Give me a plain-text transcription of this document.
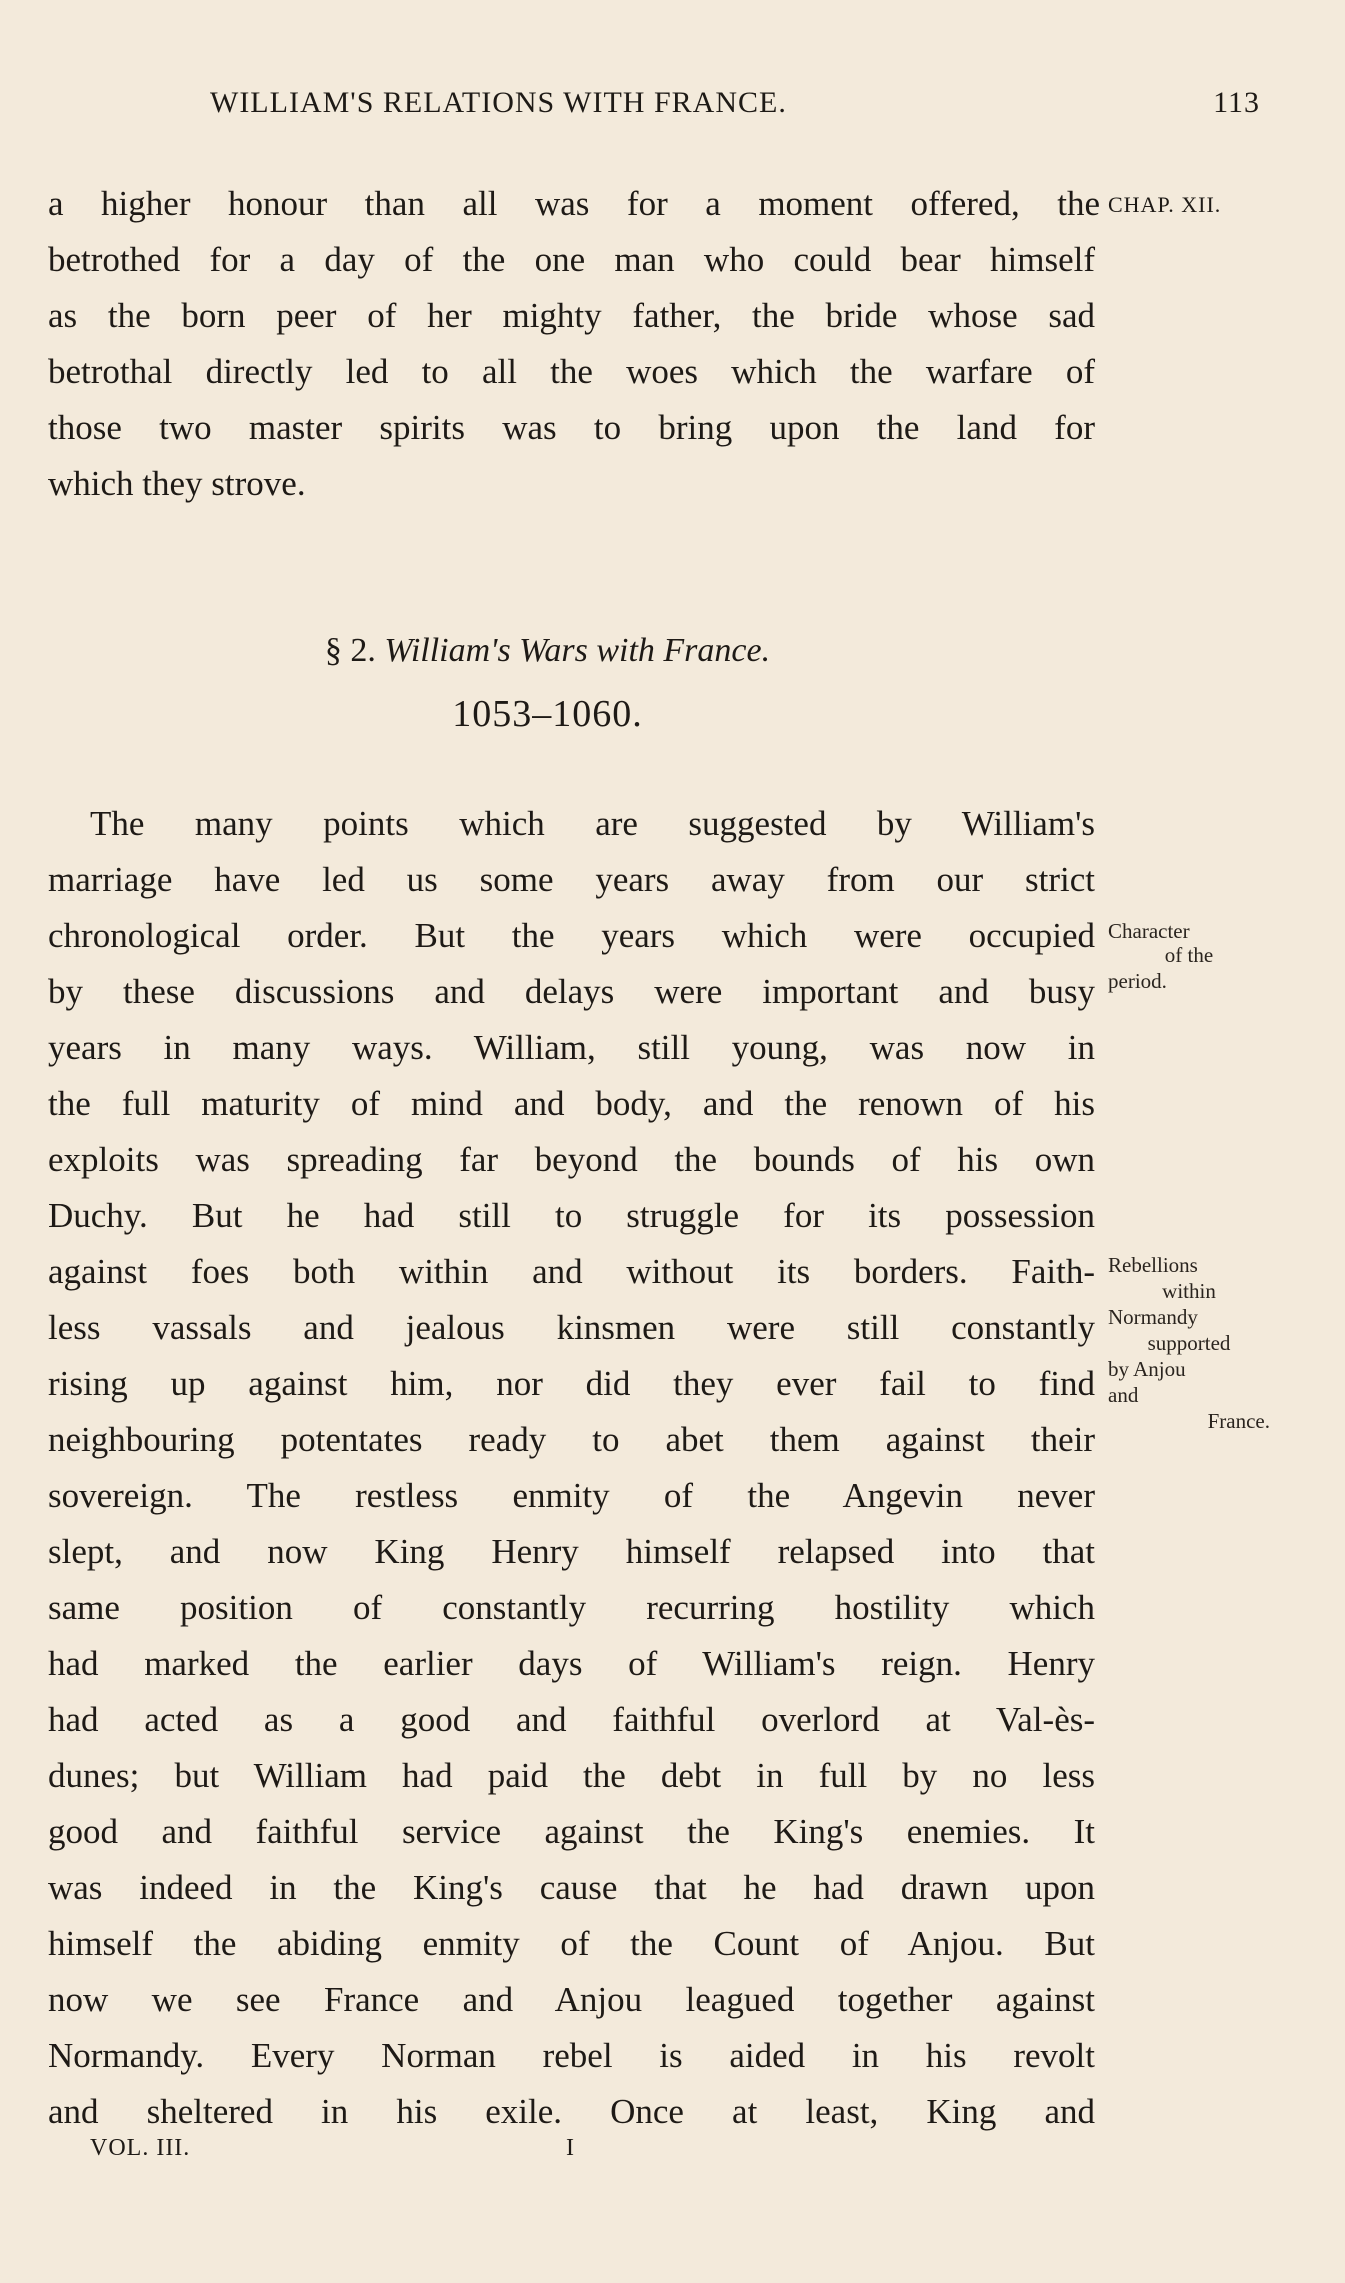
WILLIAM'S RELATIONS WITH FRANCE.	113
CHAP. XII.
a higher honour than all was for a moment offered, the
betrothed for a day of the one man who could bear himself
as the born peer of her mighty father, the bride whose sad
betrothal directly led to all the woes which the warfare of
those two master spirits was to bring upon the land for
which they strove.
§ 2. William's Wars with France.
1053–1060.
The many points which are suggested by William's
marriage have led us some years away from our strict
chronological order. But the years which were occupied
by these discussions and delays were important and busy
years in many ways. William, still young, was now in
the full maturity of mind and body, and the renown of his
exploits was spreading far beyond the bounds of his own
Duchy. But he had still to struggle for its possession
against foes both within and without its borders. Faith-
less vassals and jealous kinsmen were still constantly
rising up against him, nor did they ever fail to find
neighbouring potentates ready to abet them against their
sovereign. The restless enmity of the Angevin never
slept, and now King Henry himself relapsed into that
same position of constantly recurring hostility which
had marked the earlier days of William's reign. Henry
had acted as a good and faithful overlord at Val-ès-
dunes; but William had paid the debt in full by no less
good and faithful service against the King's enemies. It
was indeed in the King's cause that he had drawn upon
himself the abiding enmity of the Count of Anjou. But
now we see France and Anjou leagued together against
Normandy. Every Norman rebel is aided in his revolt
and sheltered in his exile. Once at least, King and
Character
of the
period.
Rebellions
within
Normandy
supported
by Anjou
and
France.
VOL. III.	I
